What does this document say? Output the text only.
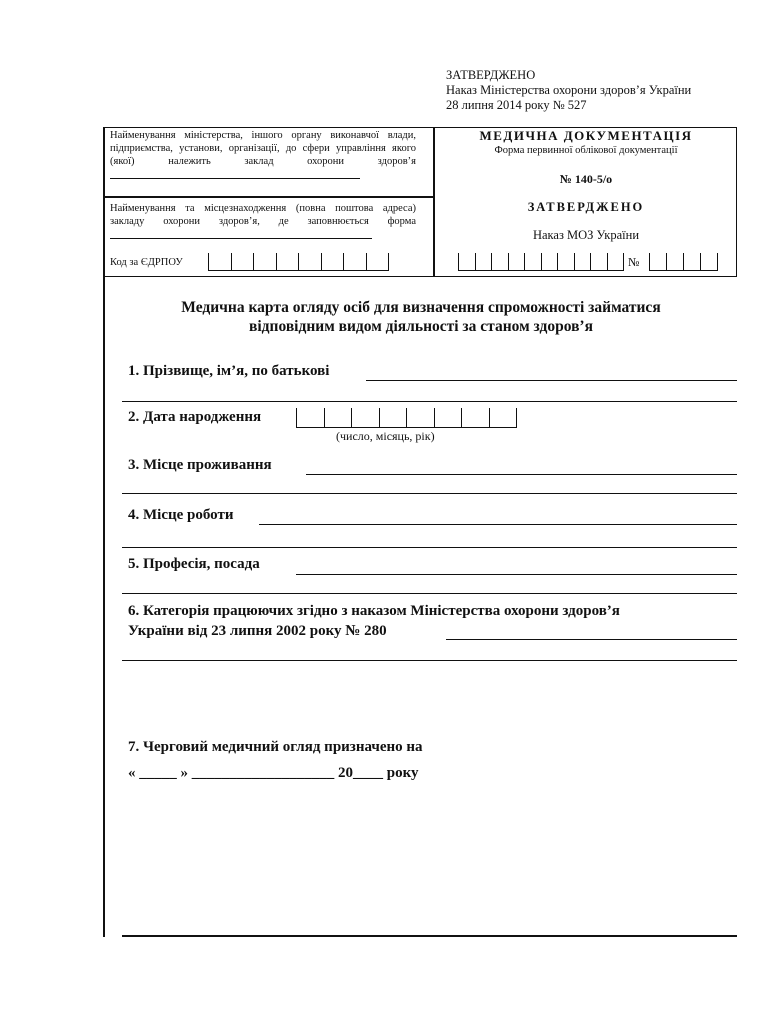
ЗАТВЕРДЖЕНО
Наказ Міністерства охорони здоров’я України
28 липня 2014 року № 527
Найменування міністерства, іншого органу виконавчої влади, підприємства, установи, організації, до сфери управління якого (якої) належить заклад охорони здоров’я
Найменування та місцезнаходження (повна поштова адреса) закладу охорони здоров’я, де заповнюється форма
Код за ЄДРПОУ
МЕДИЧНА ДОКУМЕНТАЦІЯ
Форма первинної облікової документації
№ 140-5/о
ЗАТВЕРДЖЕНО
Наказ МОЗ України
№
Медична карта огляду осіб для визначення спроможності займатися
відповідним видом діяльності за станом здоров’я
1. Прізвище, ім’я, по батькові
2. Дата народження
(число, місяць, рік)
3. Місце проживання
4. Місце роботи
5. Професія, посада
6. Категорія працюючих згідно з наказом Міністерства охорони здоров’я
України від 23 липня 2002 року № 280
7. Черговий медичний огляд призначено на
« _____ » ___________________ 20____ року
